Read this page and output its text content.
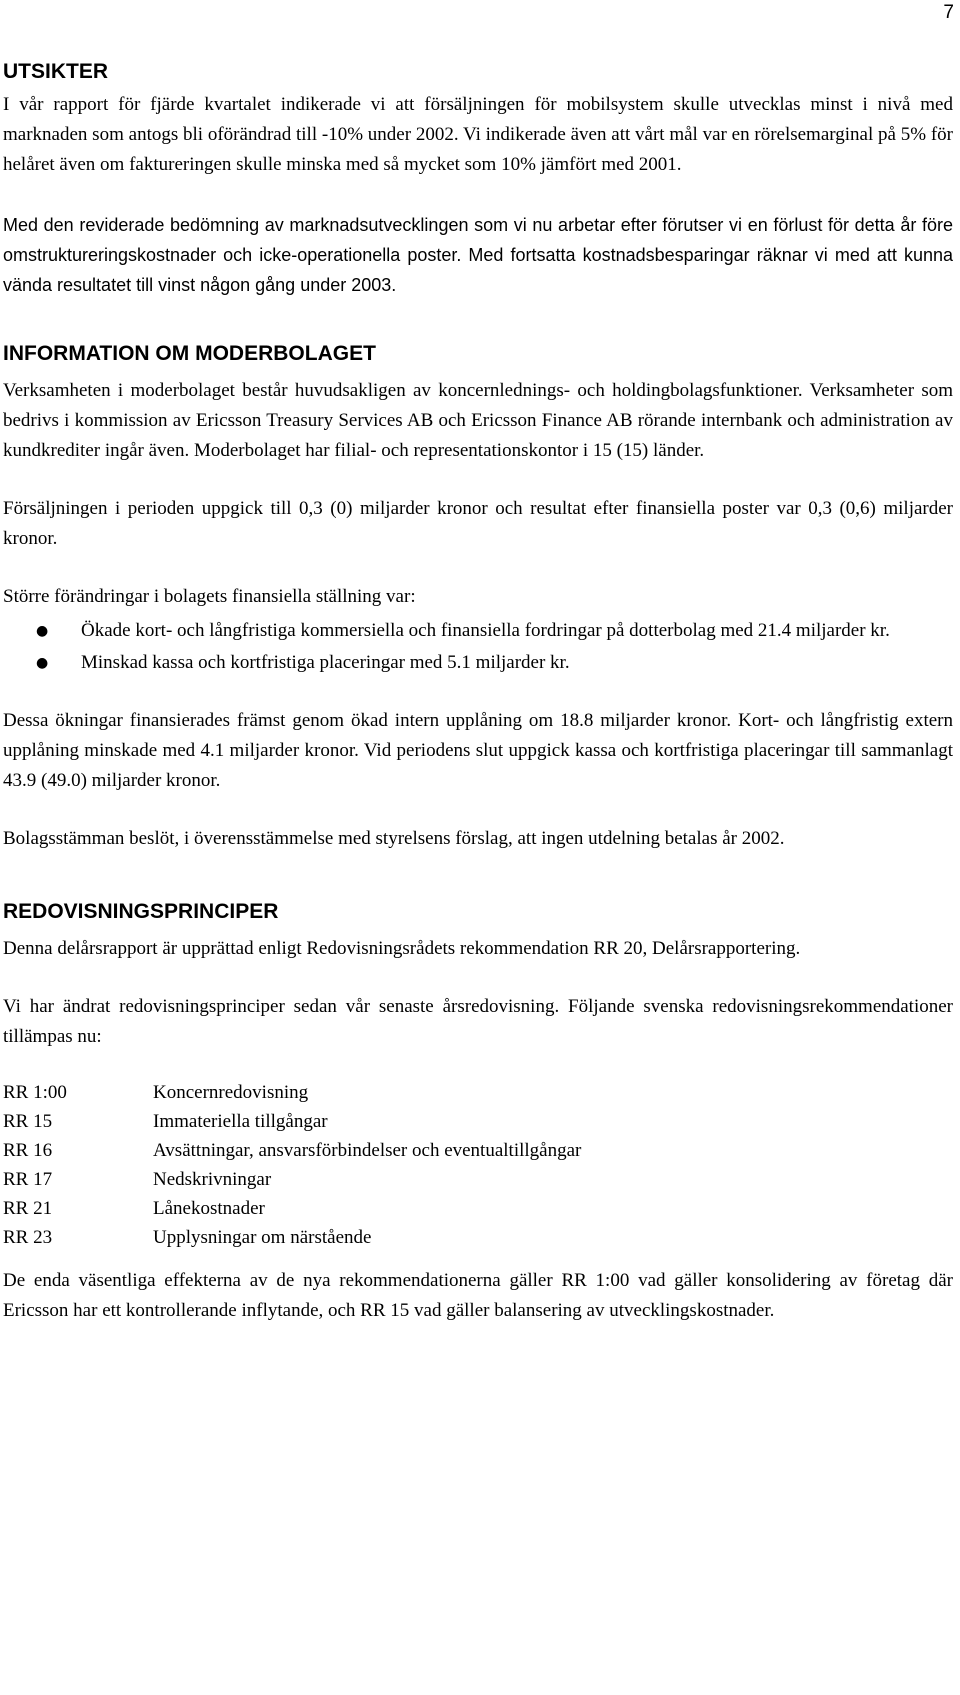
7
UTSIKTER

I vår rapport för fjärde kvartalet indikerade vi att försäljningen för mobilsystem skulle utvecklas minst i nivå med marknaden som antogs bli oförändrad till -10% under 2002. Vi indikerade även att vårt mål var en rörelsemarginal på 5% för helåret även om faktureringen skulle minska med så mycket som 10% jämfört med 2001.

Med den reviderade bedömning av marknadsutvecklingen som vi nu arbetar efter förutser vi en förlust för detta år före omstruktureringskostnader och icke-operationella poster. Med fortsatta kostnadsbesparingar räknar vi med att kunna vända resultatet till vinst någon gång under 2003.

INFORMATION OM MODERBOLAGET

Verksamheten i moderbolaget består huvudsakligen av koncernlednings- och holdingbolagsfunktioner. Verksamheter som bedrivs i kommission av Ericsson Treasury Services AB och Ericsson Finance AB rörande internbank och administration av kundkrediter ingår även. Moderbolaget har filial- och representationskontor i 15 (15) länder.

Försäljningen i perioden uppgick till 0,3 (0) miljarder kronor och resultat efter finansiella poster var 0,3 (0,6) miljarder kronor.

Större förändringar i bolagets finansiella ställning var:

● Ökade kort- och långfristiga kommersiella och finansiella fordringar på dotterbolag med 21.4 miljarder kr.
● Minskad kassa och kortfristiga placeringar med 5.1 miljarder kr.

Dessa ökningar finansierades främst genom ökad intern upplåning om 18.8 miljarder kronor. Kort- och långfristig extern upplåning minskade med 4.1 miljarder kronor. Vid periodens slut uppgick kassa och kortfristiga placeringar till sammanlagt 43.9 (49.0) miljarder kronor.

Bolagsstämman beslöt, i överensstämmelse med styrelsens förslag, att ingen utdelning betalas år 2002.

REDOVISNINGSPRINCIPER

Denna delårsrapport är upprättad enligt Redovisningsrådets rekommendation RR 20, Delårsrapportering.

Vi har ändrat redovisningsprinciper sedan vår senaste årsredovisning. Följande svenska redovisningsrekommendationer tillämpas nu:

RR 1:00	Koncernredovisning
RR 15	Immateriella tillgångar
RR 16	Avsättningar, ansvarsförbindelser och eventualtillgångar
RR 17	Nedskrivningar
RR 21	Lånekostnader
RR 23	Upplysningar om närstående

De enda väsentliga effekterna av de nya rekommendationerna gäller RR 1:00 vad gäller konsolidering av företag där Ericsson har ett kontrollerande inflytande, och RR 15 vad gäller balansering av utvecklingskostnader.
